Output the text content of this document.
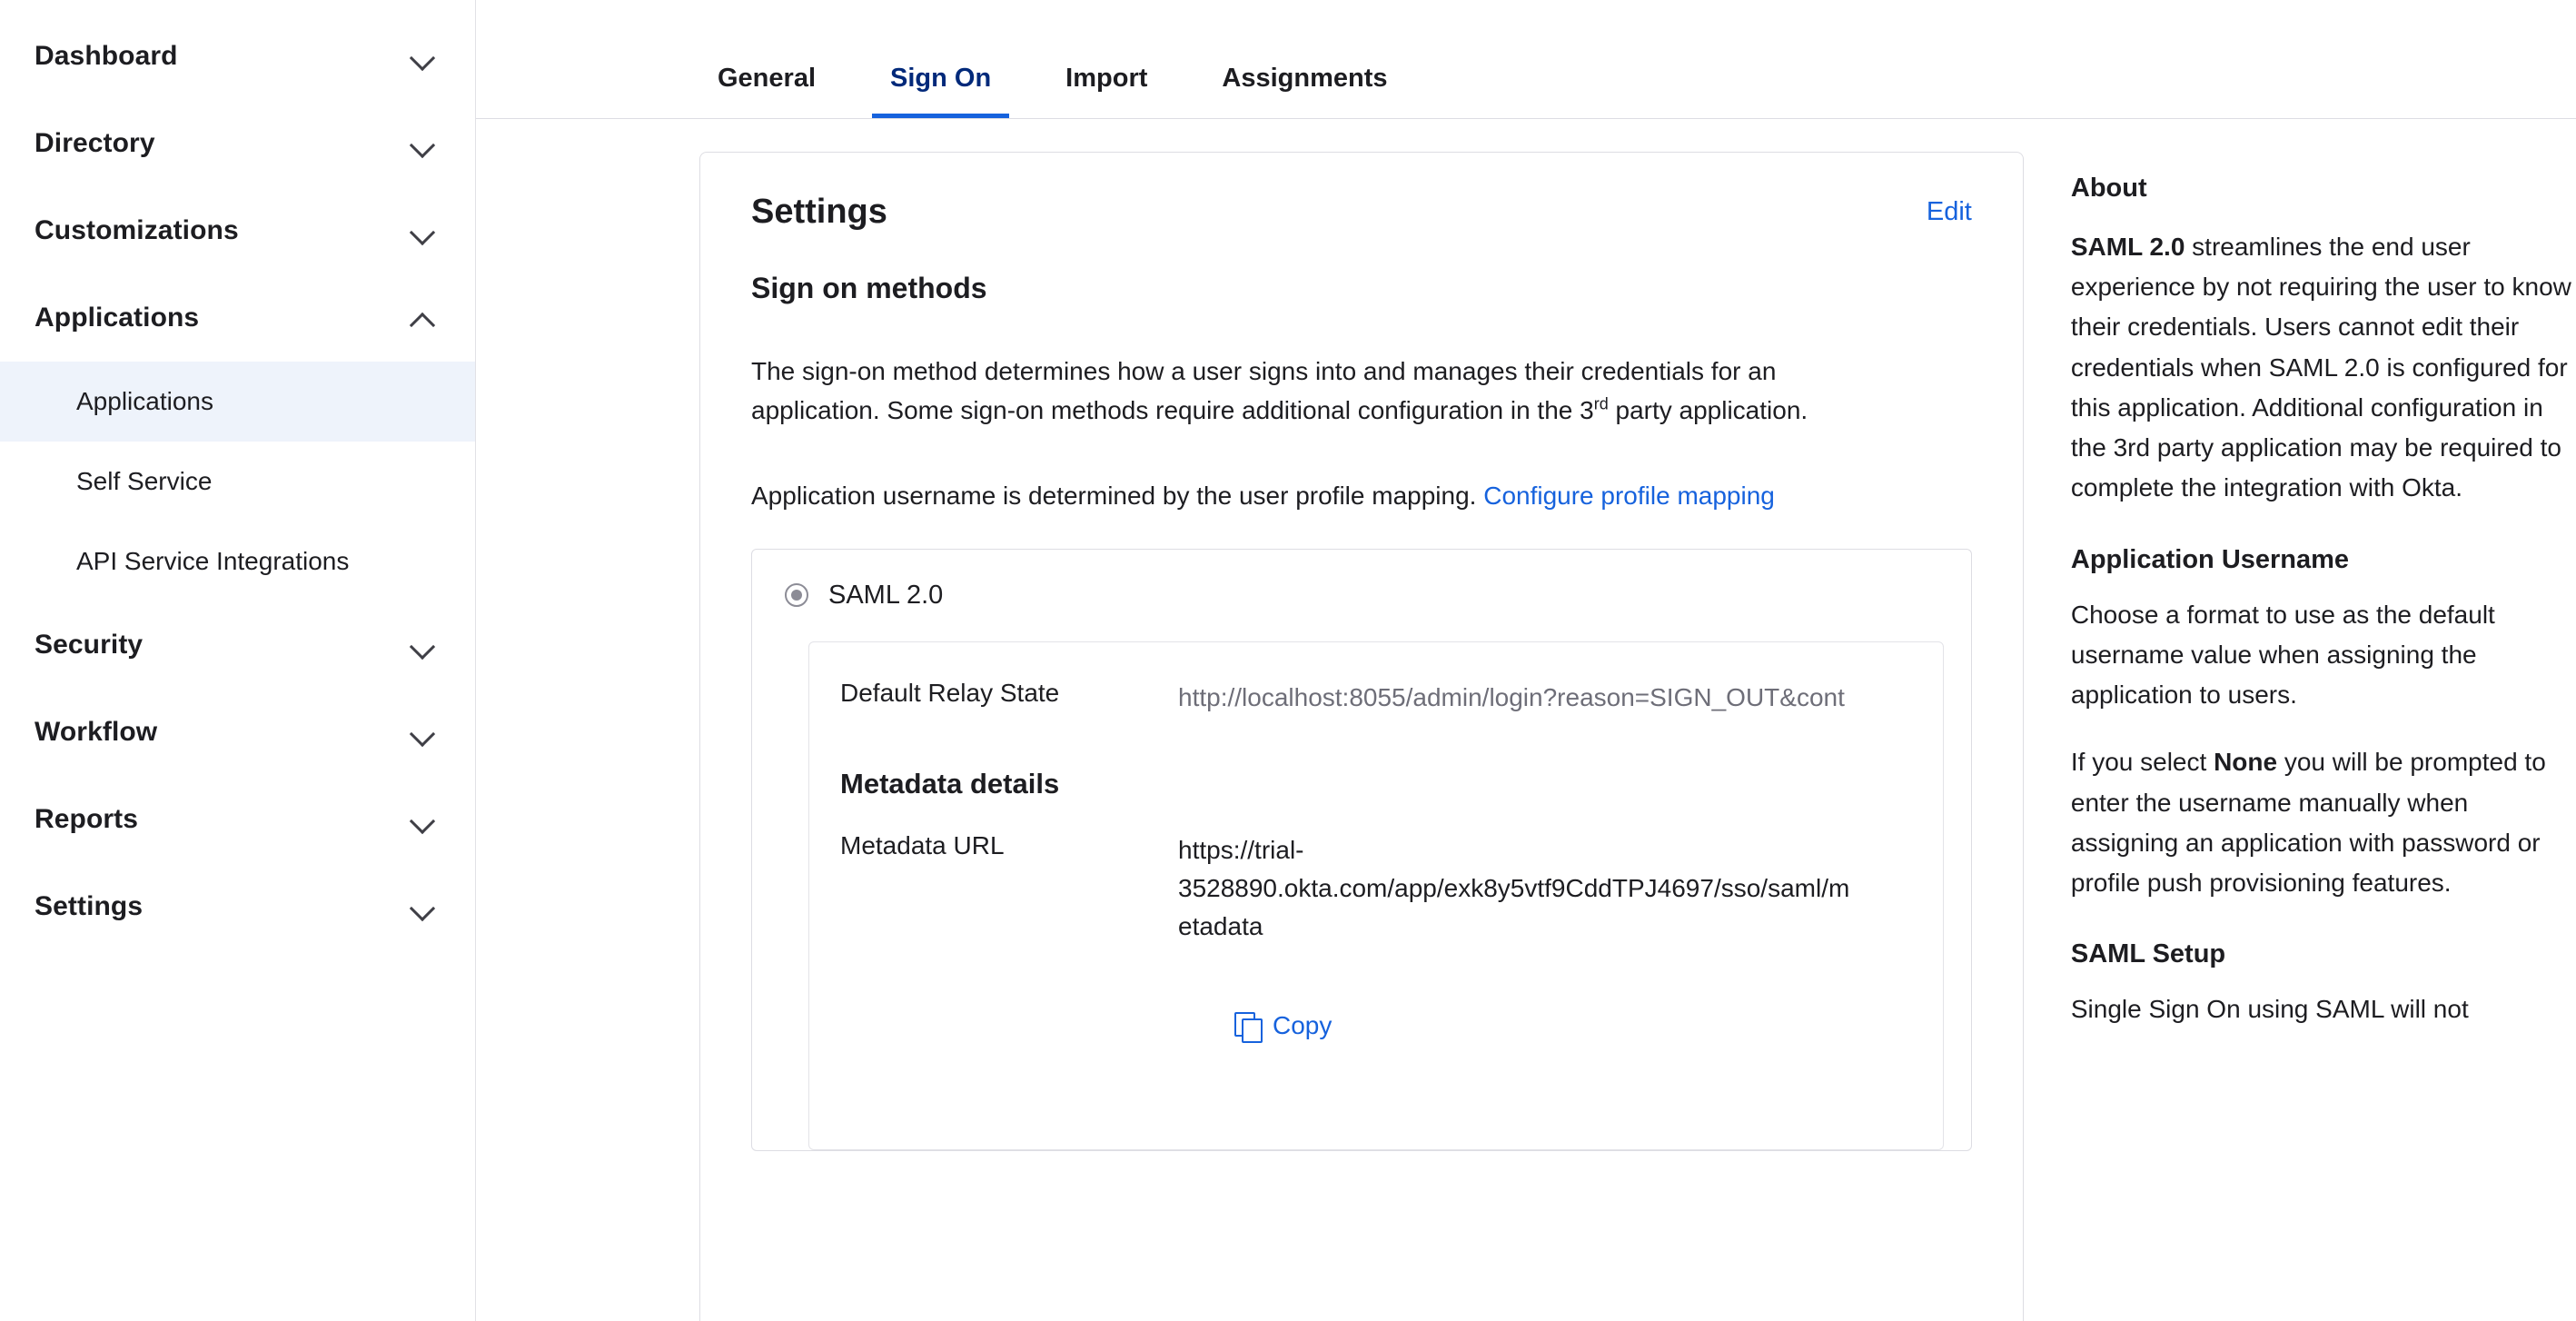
Dashboard
Directory
Customizations
Applications
Applications
Self Service
API Service Integrations
Security
Workflow
Reports
Settings
General	Sign On	Import	Assignments
Settings	Edit
Sign on methods

The sign-on method determines how a user signs into and manages their credentials for an application. Some sign-on methods require additional configuration in the 3rd party application.

Application username is determined by the user profile mapping. Configure profile mapping

SAML 2.0
Default Relay State	http://localhost:8055/admin/login?reason=SIGN_OUT&cont
Metadata details
Metadata URL	https://trial-3528890.okta.com/app/exk8y5vtf9CddTPJ4697/sso/saml/metadata
Copy
About

SAML 2.0 streamlines the end user experience by not requiring the user to know their credentials. Users cannot edit their credentials when SAML 2.0 is configured for this application. Additional configuration in the 3rd party application may be required to complete the integration with Okta.

Application Username

Choose a format to use as the default username value when assigning the application to users.

If you select None you will be prompted to enter the username manually when assigning an application with password or profile push provisioning features.

SAML Setup

Single Sign On using SAML will not
